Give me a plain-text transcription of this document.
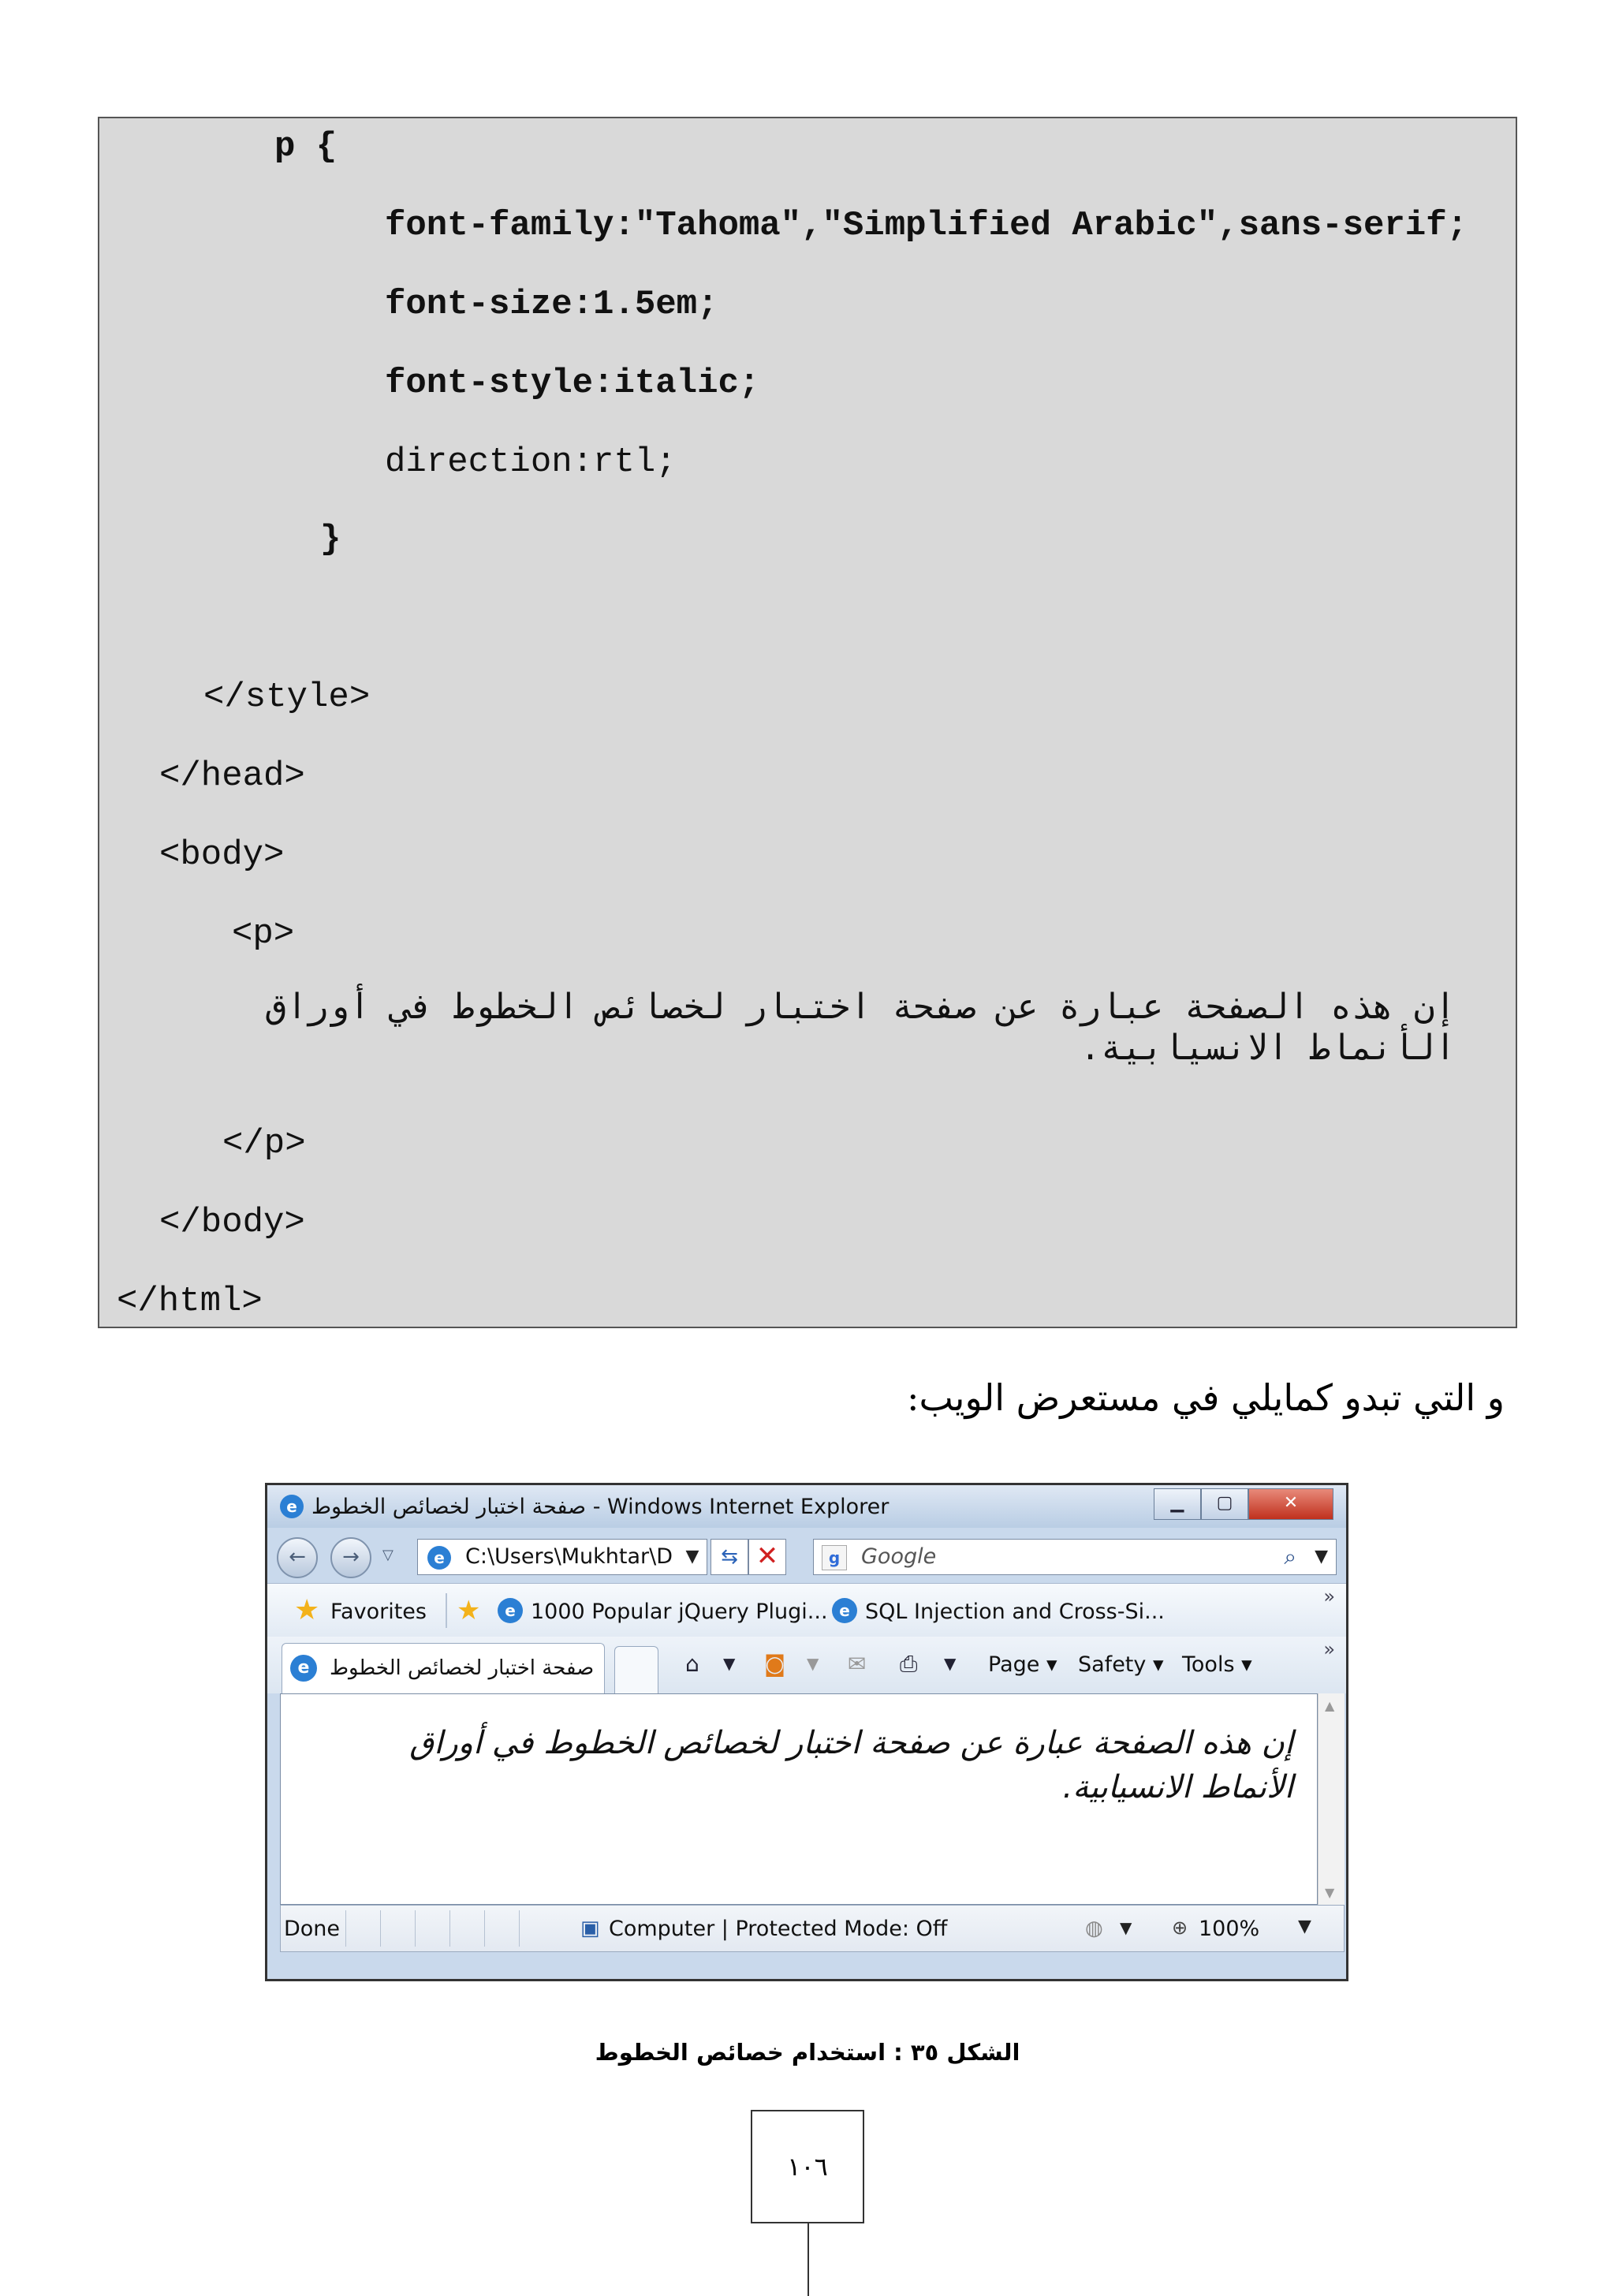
p {
font-family:"Tahoma","Simplified Arabic",sans-serif;
font-size:1.5em;
font-style:italic;
direction:rtl;
}
</style>
</head>
<body>
<p>
إن هذه الصفحة عبارة عن صفحة اختبار لخصائص الخطوط في أوراق الأنماط الانسيابية.
</p>
</body>
</html>
و التي تبدو كمايلي في مستعرض الويب:
e صفحة اختبار لخصائص الخطوط - Windows Internet Explorer	▁	▢	✕
←	→	▽	e C:\Users\Mukhtar\D ▼	⇆ ✕	g Google	⌕ ▼
★ Favorites ★	e 1000 Popular jQuery Plugi... e SQL Injection and Cross-Si...
»
e صفحة اختبار لخصائص الخطوط	⌂ ▼ ◙ ▼ ✉ ⎙ ▼ Page ▾ Safety ▾ Tools ▾
»
إن هذه الصفحة عبارة عن صفحة اختبار لخصائص الخطوط في أوراق الأنماط الانسيابية.
▲
▼
Done	▣ Computer | Protected Mode: Off	◍ ▼ ⊕ 100% ▼
الشكل ٣٥ : استخدام خصائص الخطوط
١٠٦
